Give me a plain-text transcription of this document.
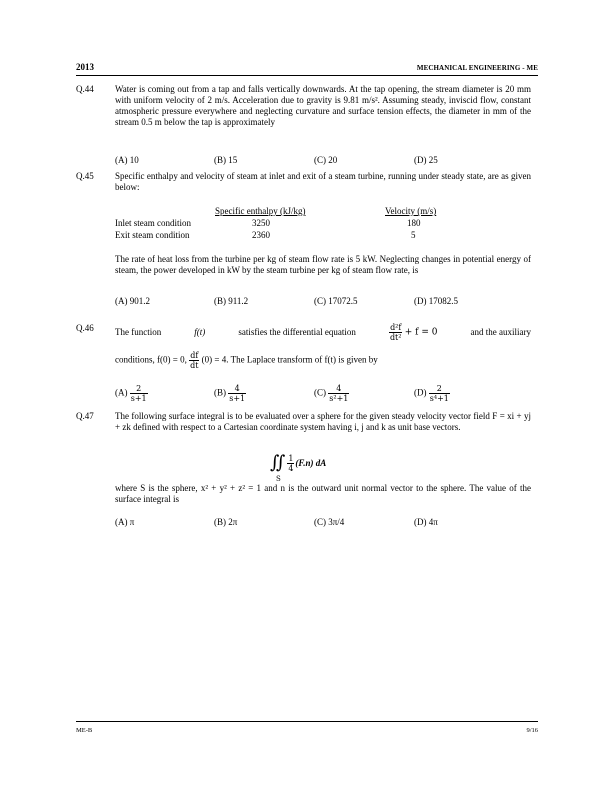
2013	MECHANICAL ENGINEERING - ME
Q.44 Water is coming out from a tap and falls vertically downwards. At the tap opening, the stream diameter is 20 mm with uniform velocity of 2 m/s. Acceleration due to gravity is 9.81 m/s². Assuming steady, inviscid flow, constant atmospheric pressure everywhere and neglecting curvature and surface tension effects, the diameter in mm of the stream 0.5 m below the tap is approximately
(A) 10	(B) 15	(C) 20	(D) 25
Q.45 Specific enthalpy and velocity of steam at inlet and exit of a steam turbine, running under steady state, are as given below:
Specific enthalpy (kJ/kg)	Velocity (m/s)
Inlet steam condition	3250	180
Exit steam condition	2360	5
The rate of heat loss from the turbine per kg of steam flow rate is 5 kW. Neglecting changes in potential energy of steam, the power developed in kW by the steam turbine per kg of steam flow rate, is
(A) 901.2	(B) 911.2	(C) 17072.5	(D) 17082.5
Q.46 The function	f(t)	satisfies the differential equation	$\frac{\text{d²f}}{\text{dt²}} + f = 0$	and the auxiliary
conditions, f(0) = 0, $\frac{df}{dt} (0) = 4$. The Laplace transform of f(t) is given by
$(A) \frac{2}{s+1}$	$(B) \frac{4}{s+1}$	$(C) \frac{4}{\text{s²+1}}$	$(D) \frac{2}{\text{s⁴+1}}$
Q.47 The following surface integral is to be evaluated over a sphere for the given steady velocity vector field F = xi + yj + zk defined with respect to a Cartesian coordinate system having i, j and k as unit base vectors.
∬
S
$\frac{1}{4} (F.n)$ dA
where S is the sphere, x² + y² + z² = 1 and n is the outward unit normal vector to the sphere. The value of the surface integral is
(A) π	(B) 2π	(C) 3π/4	(D) 4π
ME-B	9/16
